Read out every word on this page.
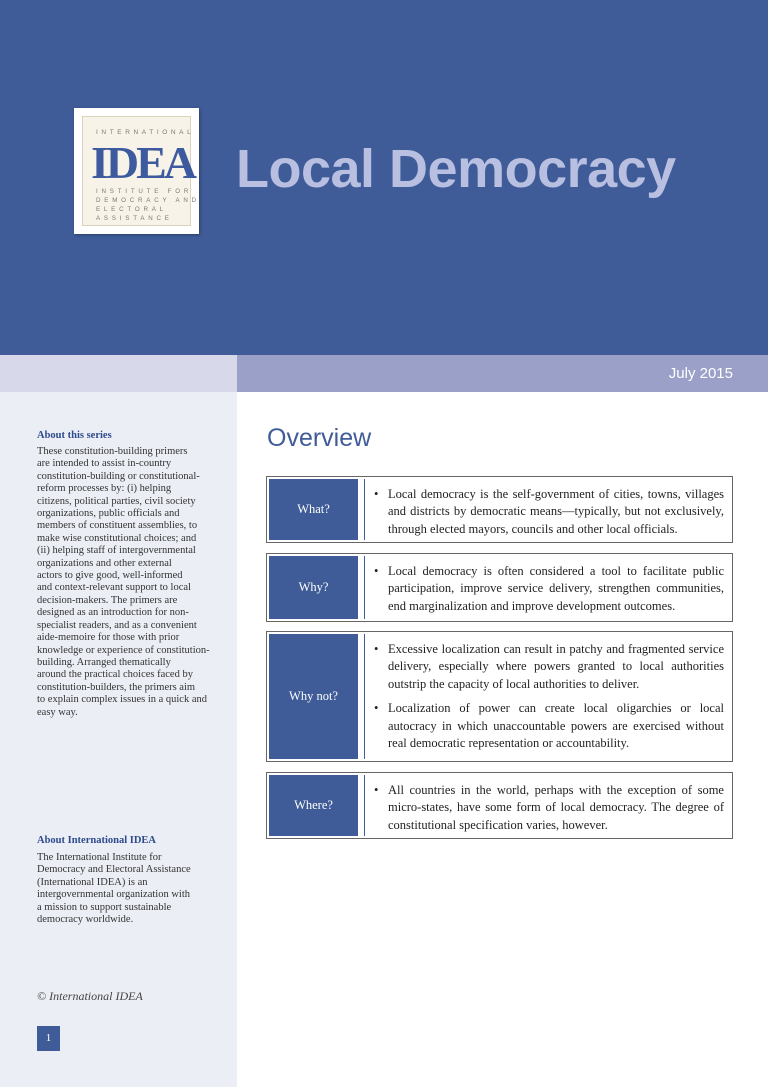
INTERNATIONAL
IDEA
INSTITUTE FOR
DEMOCRACY AND
ELECTORAL
ASSISTANCE
Local Democracy
July 2015
About this series
These constitution-building primers
are intended to assist in-country
constitution-building or constitutional-
reform processes by: (i) helping
citizens, political parties, civil society
organizations, public officials and
members of constituent assemblies, to
make wise constitutional choices; and
(ii) helping staff of intergovernmental
organizations and other external
actors to give good, well-informed
and context-relevant support to local
decision-makers. The primers are
designed as an introduction for non-
specialist readers, and as a convenient
aide-memoire for those with prior
knowledge or experience of constitution-
building. Arranged thematically
around the practical choices faced by
constitution-builders, the primers aim
to explain complex issues in a quick and
easy way.
About International IDEA
The International Institute for
Democracy and Electoral Assistance
(International IDEA) is an
intergovernmental organization with
a mission to support sustainable
democracy worldwide.
© International IDEA
1
Overview
What?
• Local democracy is the self-government of cities, towns, villages and districts by democratic means—typically, but not exclusively, through elected mayors, councils and other local officials.
Why?
• Local democracy is often considered a tool to facilitate public participation, improve service delivery, strengthen communities, end marginalization and improve development outcomes.
Why not?
• Excessive localization can result in patchy and fragmented service delivery, especially where powers granted to local authorities outstrip the capacity of local authorities to deliver.
• Localization of power can create local oligarchies or local autocracy in which unaccountable powers are exercised without real democratic representation or accountability.
Where?
• All countries in the world, perhaps with the exception of some micro-states, have some form of local democracy. The degree of constitutional specification varies, however.
